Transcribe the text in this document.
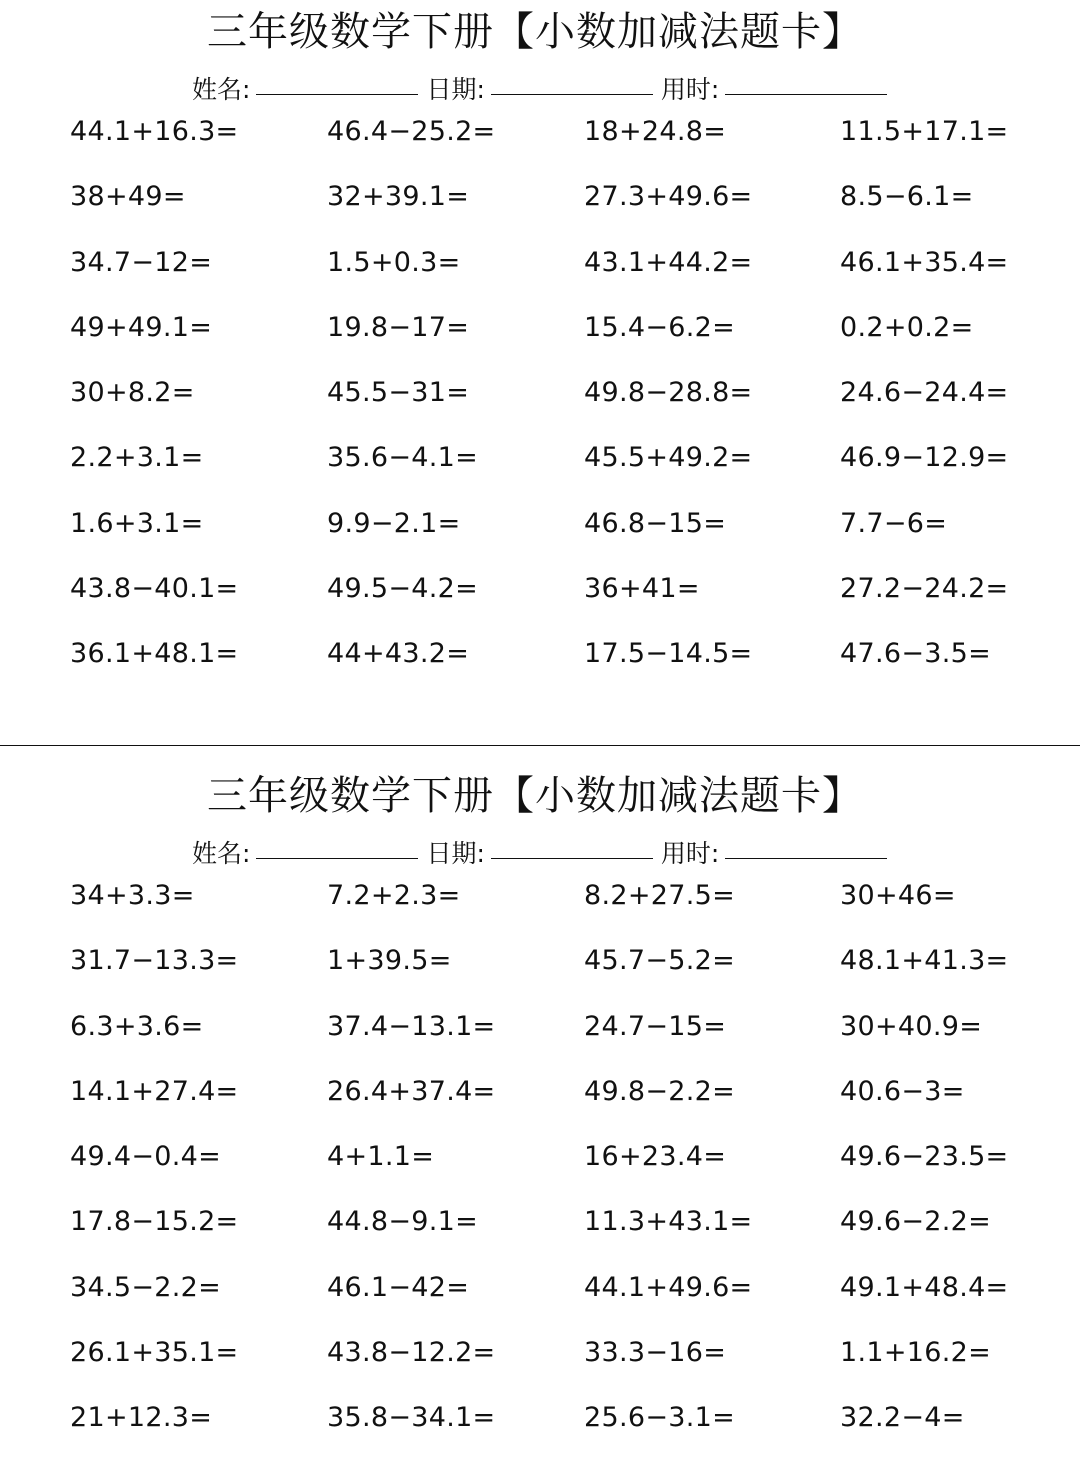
三年级数学下册【小数加减法题卡】
姓名:	日期:	用时:
44.1+16.3=	46.4−25.2=	18+24.8=	11.5+17.1=
38+49=	32+39.1=	27.3+49.6=	8.5−6.1=
34.7−12=	1.5+0.3=	43.1+44.2=	46.1+35.4=
49+49.1=	19.8−17=	15.4−6.2=	0.2+0.2=
30+8.2=	45.5−31=	49.8−28.8=	24.6−24.4=
2.2+3.1=	35.6−4.1=	45.5+49.2=	46.9−12.9=
1.6+3.1=	9.9−2.1=	46.8−15=	7.7−6=
43.8−40.1=	49.5−4.2=	36+41=	27.2−24.2=
36.1+48.1=	44+43.2=	17.5−14.5=	47.6−3.5=
三年级数学下册【小数加减法题卡】
姓名:	日期:	用时:
34+3.3=	7.2+2.3=	8.2+27.5=	30+46=
31.7−13.3=	1+39.5=	45.7−5.2=	48.1+41.3=
6.3+3.6=	37.4−13.1=	24.7−15=	30+40.9=
14.1+27.4=	26.4+37.4=	49.8−2.2=	40.6−3=
49.4−0.4=	4+1.1=	16+23.4=	49.6−23.5=
17.8−15.2=	44.8−9.1=	11.3+43.1=	49.6−2.2=
34.5−2.2=	46.1−42=	44.1+49.6=	49.1+48.4=
26.1+35.1=	43.8−12.2=	33.3−16=	1.1+16.2=
21+12.3=	35.8−34.1=	25.6−3.1=	32.2−4=
